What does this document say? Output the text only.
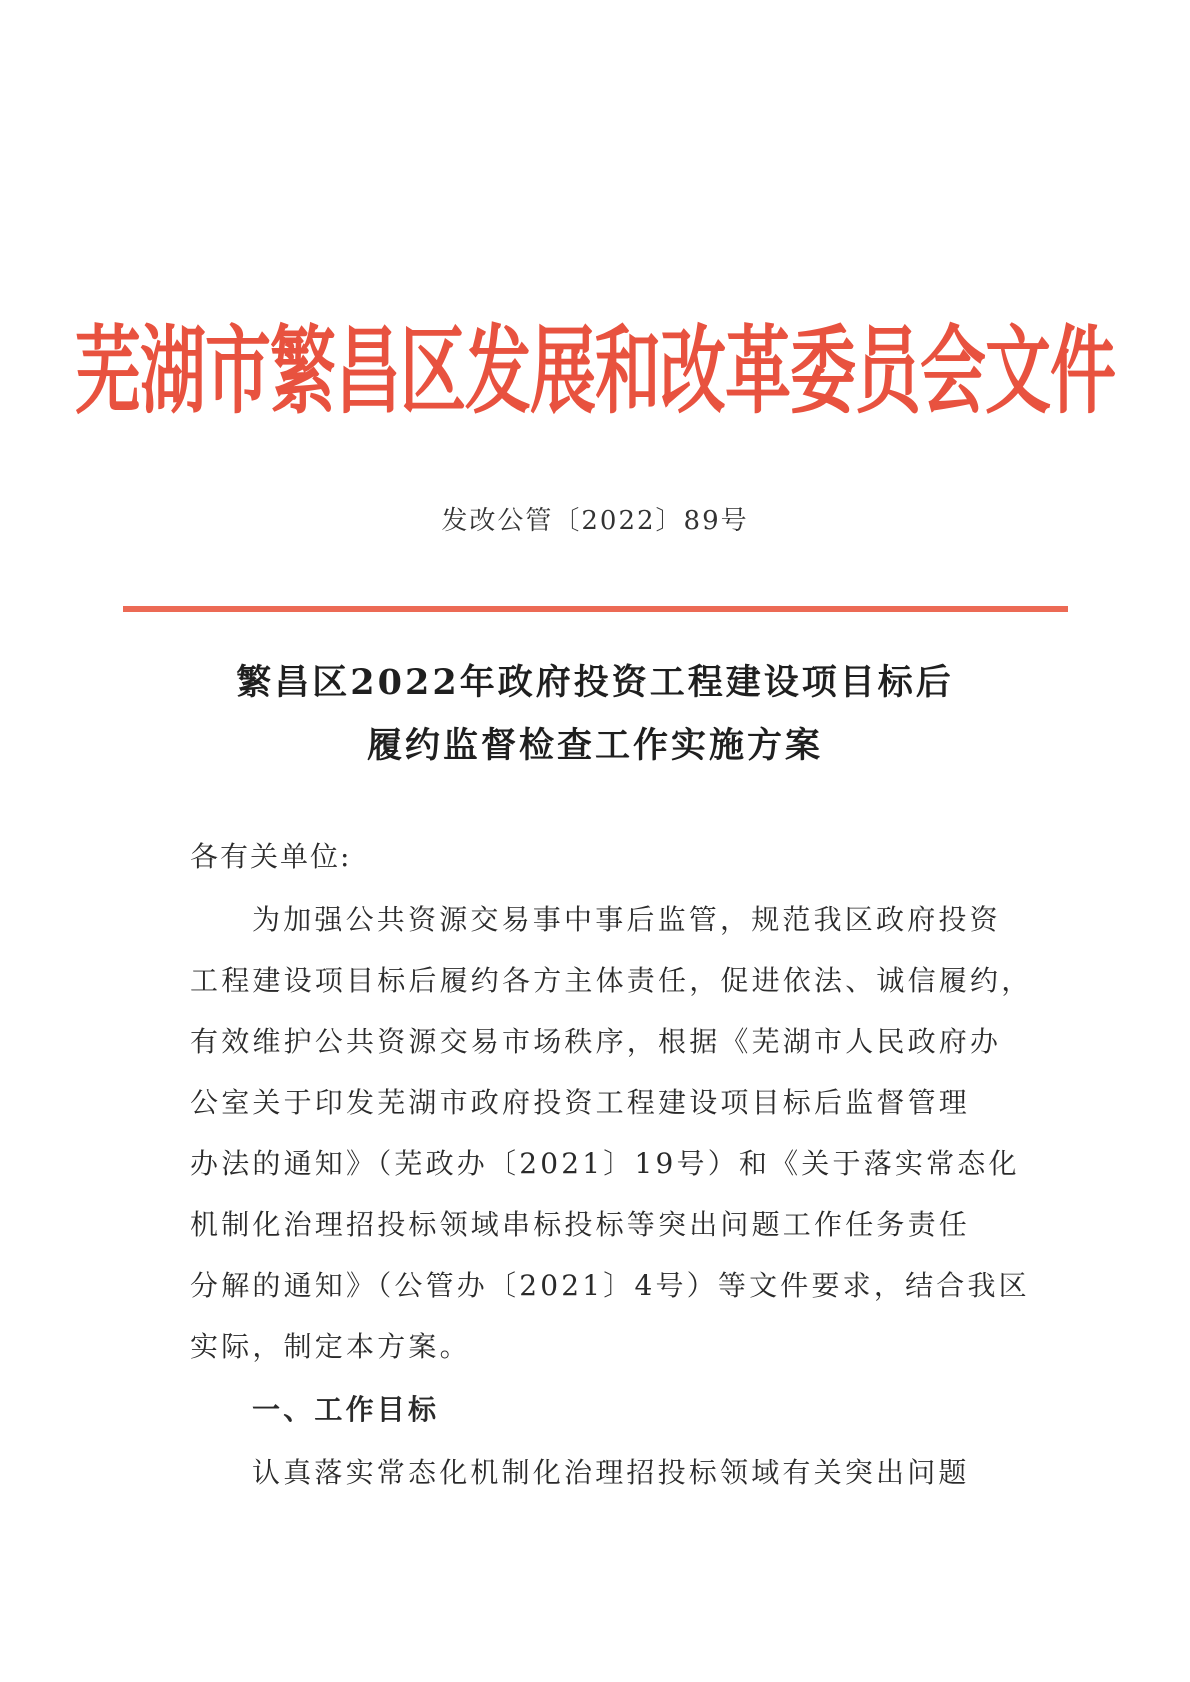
芜湖市繁昌区发展和改革委员会文件
发改公管〔2022〕89号
繁昌区2022年政府投资工程建设项目标后
履约监督检查工作实施方案
各有关单位:
为加强公共资源交易事中事后监管，规范我区政府投资
工程建设项目标后履约各方主体责任，促进依法、诚信履约，
有效维护公共资源交易市场秩序，根据《芜湖市人民政府办
公室关于印发芜湖市政府投资工程建设项目标后监督管理
办法的通知》（芜政办〔2021〕19号）和《关于落实常态化
机制化治理招投标领域串标投标等突出问题工作任务责任
分解的通知》（公管办〔2021〕4号）等文件要求，结合我区
实际，制定本方案。
一、工作目标
认真落实常态化机制化治理招投标领域有关突出问题
